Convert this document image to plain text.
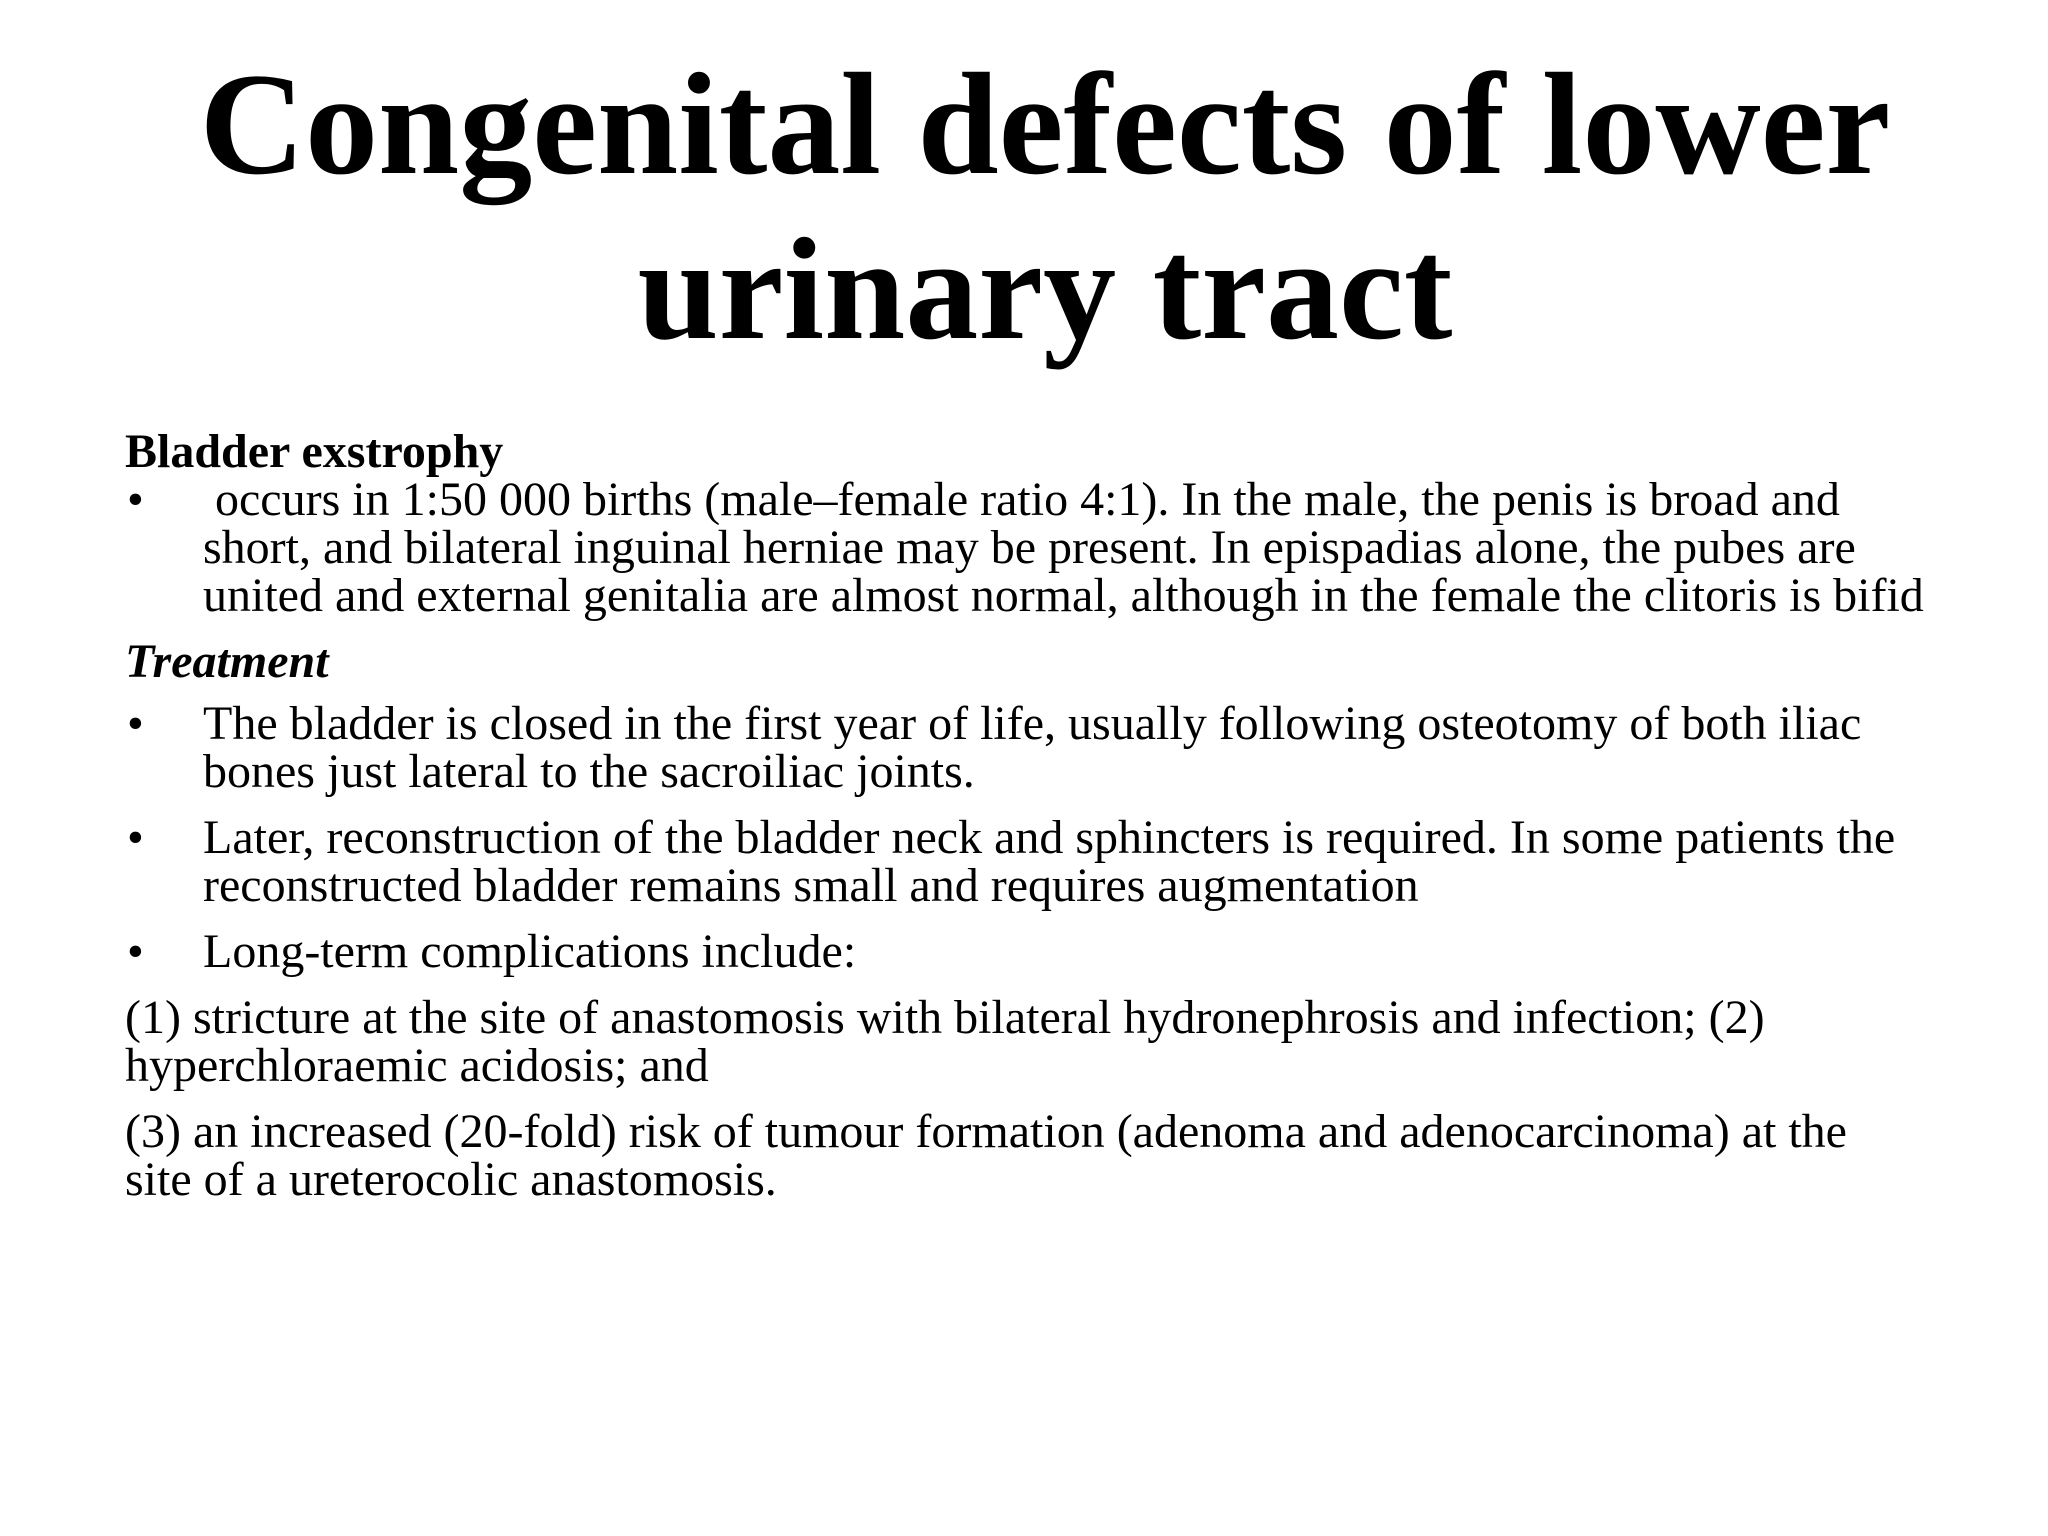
Congenital defects of lower urinary tract

Bladder exstrophy

• occurs in 1:50 000 births (male–female ratio 4:1). In the male, the penis is broad and short, and bilateral inguinal herniae may be present. In epispadias alone, the pubes are united and external genitalia are almost normal, although in the female the clitoris is bifid

Treatment

• The bladder is closed in the first year of life, usually following osteotomy of both iliac bones just lateral to the sacroiliac joints.
• Later, reconstruction of the bladder neck and sphincters is required. In some patients the reconstructed bladder remains small and requires augmentation
• Long-term complications include:

(1) stricture at the site of anastomosis with bilateral hydronephrosis and infection; (2) hyperchloraemic acidosis; and

(3) an increased (20-fold) risk of tumour formation (adenoma and adenocarcinoma) at the site of a ureterocolic anastomosis.
